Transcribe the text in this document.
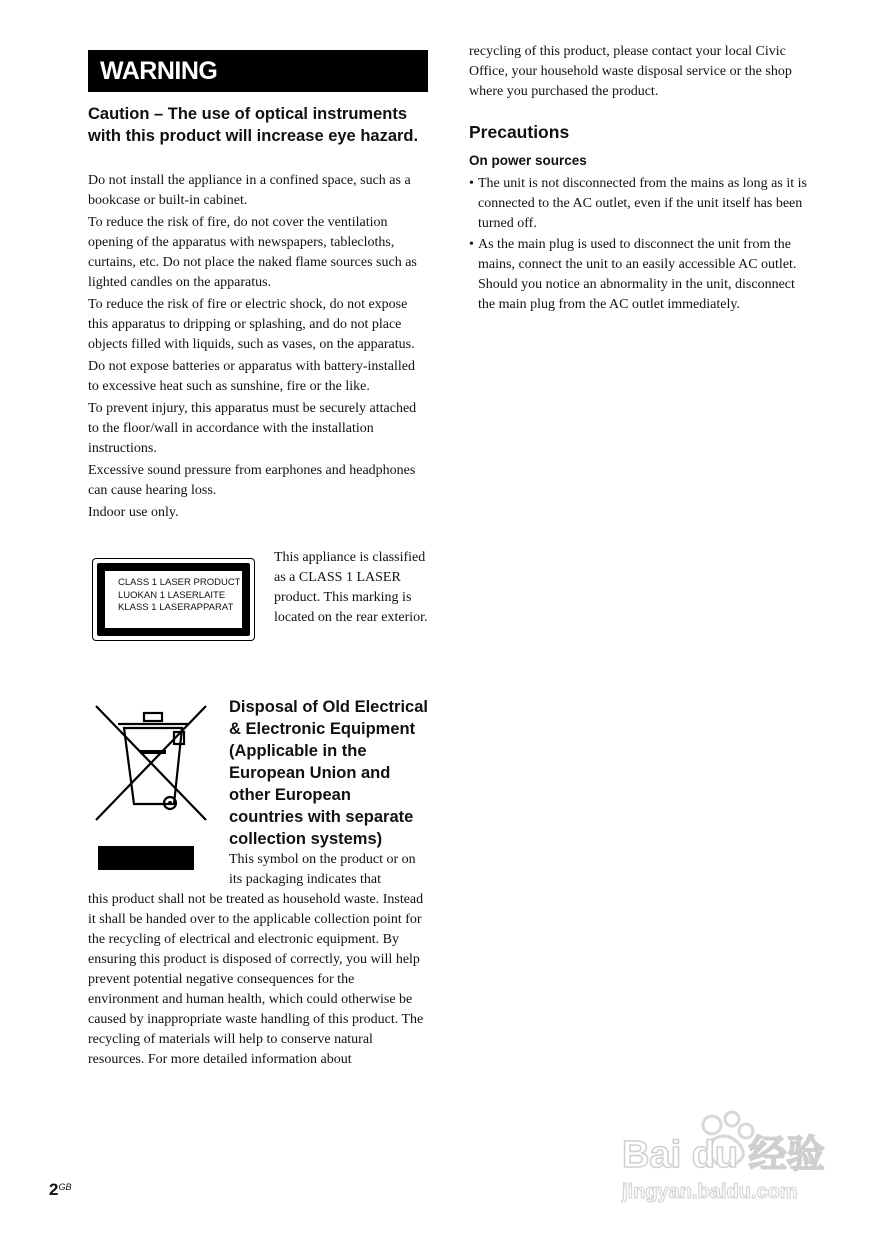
WARNING

Caution – The use of optical instruments with this product will increase eye hazard.

Do not install the appliance in a confined space, such as a bookcase or built-in cabinet.

To reduce the risk of fire, do not cover the ventilation opening of the apparatus with newspapers, tablecloths, curtains, etc. Do not place the naked flame sources such as lighted candles on the apparatus.

To reduce the risk of fire or electric shock, do not expose this apparatus to dripping or splashing, and do not place objects filled with liquids, such as vases, on the apparatus.

Do not expose batteries or apparatus with battery-installed to excessive heat such as sunshine, fire or the like.

To prevent injury, this apparatus must be securely attached to the floor/wall in accordance with the installation instructions.

Excessive sound pressure from earphones and headphones can cause hearing loss.

Indoor use only.

CLASS 1 LASER PRODUCT
LUOKAN 1 LASERLAITE
KLASS 1 LASERAPPARAT

This appliance is classified as a CLASS 1 LASER product. This marking is located on the rear exterior.

Disposal of Old Electrical & Electronic Equipment (Applicable in the European Union and other European countries with separate collection systems)

This symbol on the product or on its packaging indicates that

this product shall not be treated as household waste. Instead it shall be handed over to the applicable collection point for the recycling of electrical and electronic equipment. By ensuring this product is disposed of correctly, you will help prevent potential negative consequences for the environment and human health, which could otherwise be caused by inappropriate waste handling of this product. The recycling of materials will help to conserve natural resources. For more detailed information about

recycling of this product, please contact your local Civic Office, your household waste disposal service or the shop where you purchased the product.

Precautions
On power sources
• The unit is not disconnected from the mains as long as it is connected to the AC outlet, even if the unit itself has been turned off.
• As the main plug is used to disconnect the unit from the mains, connect the unit to an easily accessible AC outlet. Should you notice an abnormality in the unit, disconnect the main plug from the AC outlet immediately.
$2^{GB}$
Bai du 经验
jingyan.baidu.com
